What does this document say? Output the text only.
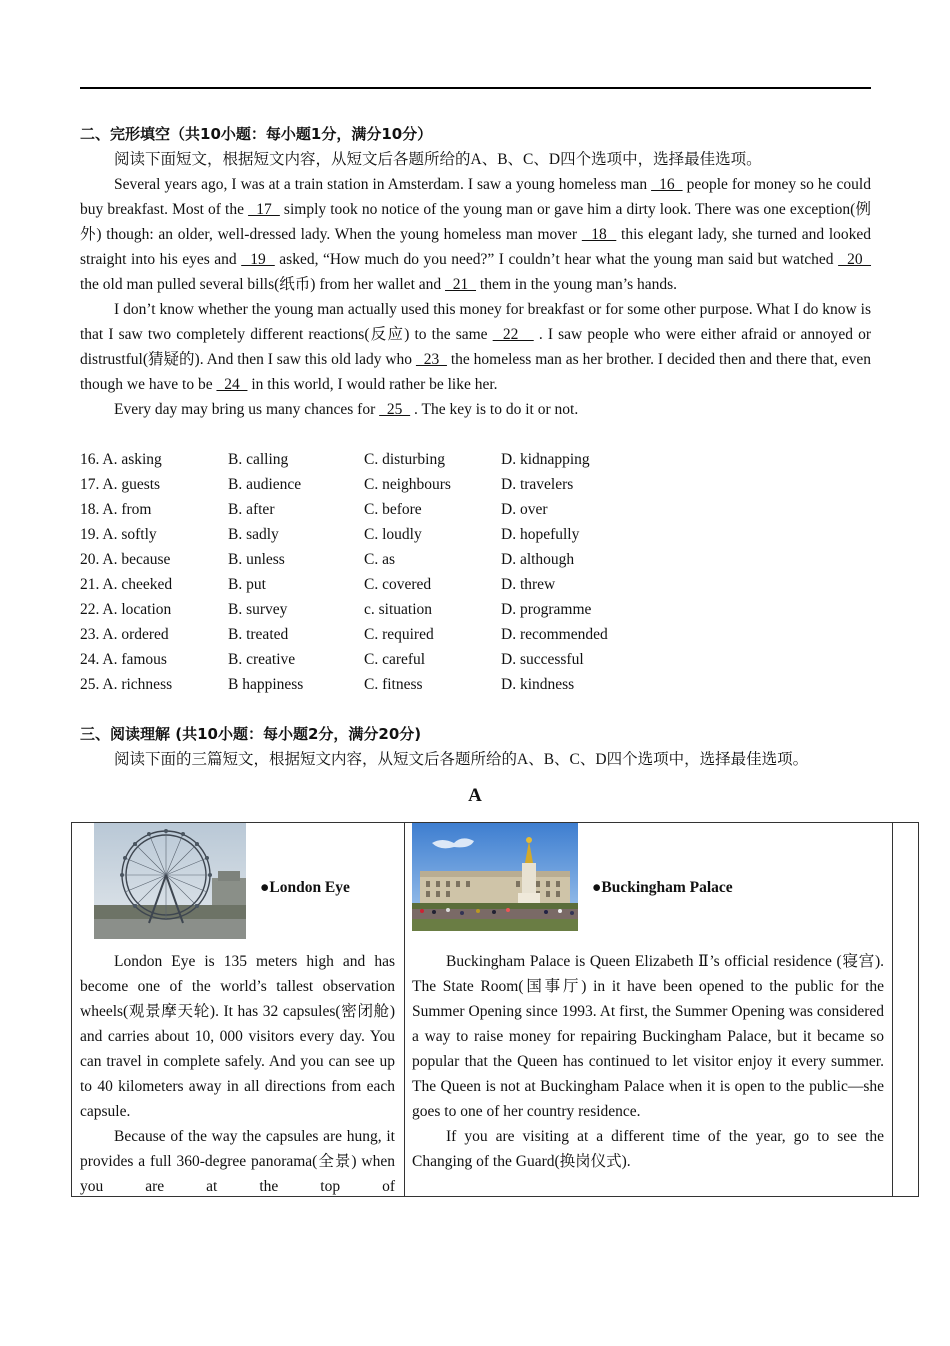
二、完形填空（共10小题：每小题1分，满分10分）
阅读下面短文，根据短文内容，从短文后各题所给的A、B、C、D四个选项中，选择最佳选项。
Several years ago, I was at a train station in Amsterdam. I saw a young homeless man   16   people for money so he could buy breakfast. Most of the   17   simply took no notice of the young man or gave him a dirty look. There was one exception(例外) though: an older, well-dressed lady. When the young homeless man mover   18   this elegant lady, she turned and looked straight into his eyes and   19   asked, “How much do you need?” I couldn’t hear what the young man said but watched   20   the old man pulled several bills(纸币) from her wallet and   21   them in the young man’s hands.
I don’t know whether the young man actually used this money for breakfast or for some other purpose. What I do know is that I saw two completely different reactions(反应) to the same   22    . I saw people who were either afraid or annoyed or distrustful(猜疑的). And then I saw this old lady who   23   the homeless man as her brother. I decided then and there that, even though we have to be   24   in this world, I would rather be like her.
Every day may bring us many chances for   25   . The key is to do it or not.
16. A. asking	B. calling	C. disturbing	D. kidnapping
17. A. guests	B. audience	C. neighbours	D. travelers
18. A. from	B. after	C. before	D. over
19. A. softly	B. sadly	C. loudly	D. hopefully
20. A. because	B. unless	C. as	D. although
21. A. cheeked	B. put	C. covered	D. threw
22. A. location	B. survey	c. situation	D. programme
23. A. ordered	B. treated	C. required	D. recommended
24. A. famous	B. creative	C. careful	D. successful
25. A. richness	B happiness	C. fitness	D. kindness
三、阅读理解 (共10小题：每小题2分，满分20分)
阅读下面的三篇短文，根据短文内容，从短文后各题所给的A、B、C、D四个选项中，选择最佳选项。
A
●London Eye
London Eye is 135 meters high and has become one of the world’s tallest observation wheels(观景摩天轮). It has 32 capsules(密闭舱) and carries about 10, 000 visitors every day. You can travel in complete safely. And you can see up to 40 kilometers away in all directions from each capsule.
Because of the way the capsules are hung, it provides a full 360-degree panorama(全景) when you are at the top of
●Buckingham Palace
Buckingham Palace is Queen Elizabeth Ⅱ’s official residence (寝宫). The State Room(国事厅) in it have been opened to the public for the Summer Opening since 1993. At first, the Summer Opening was considered a way to raise money for repairing Buckingham Palace, but it became so popular that the Queen has continued to let visitor enjoy it every summer. The Queen is not at Buckingham Palace when it is open to the public—she goes to one of her country residence.
If you are visiting at a different time of the year, go to see the Changing of the Guard(换岗仪式).
